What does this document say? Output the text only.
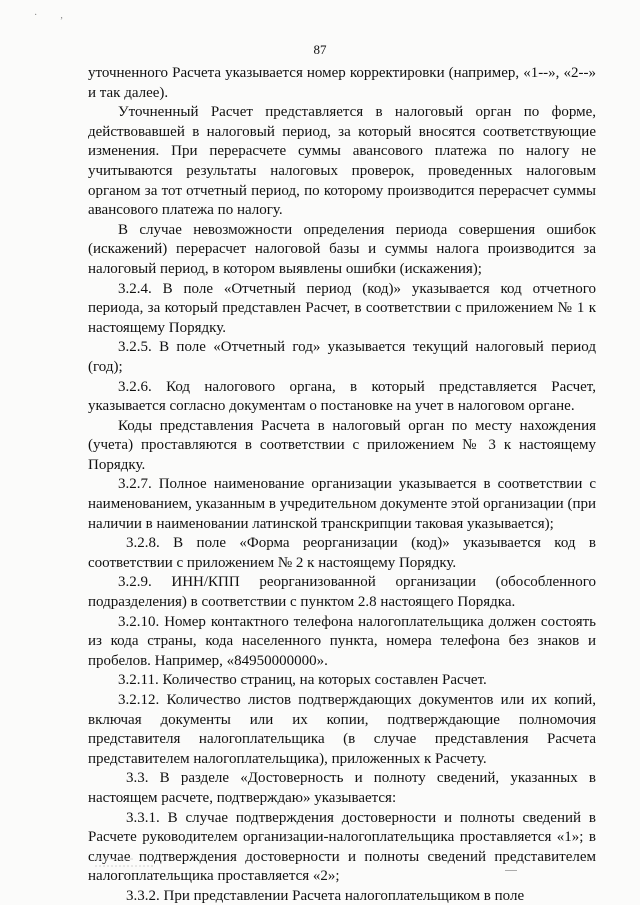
·         ‚
87

уточненного Расчета указывается номер корректировки (например, «1--», «2--» и так далее).

Уточненный Расчет представляется в налоговый орган по форме, действовавшей в налоговый период, за который вносятся соответствующие изменения. При перерасчете суммы авансового платежа по налогу не учитываются результаты налоговых проверок, проведенных налоговым органом за тот отчетный период, по которому производится перерасчет суммы авансового платежа по налогу.

В случае невозможности определения периода совершения ошибок (искажений) перерасчет налоговой базы и суммы налога производится за налоговый период, в котором выявлены ошибки (искажения);

3.2.4. В поле «Отчетный период (код)» указывается код отчетного периода, за который представлен Расчет, в соответствии с приложением № 1 к настоящему Порядку.

3.2.5. В поле «Отчетный год» указывается текущий налоговый период (год);

3.2.6. Код налогового органа, в который представляется Расчет, указывается согласно документам о постановке на учет в налоговом органе.

Коды представления Расчета в налоговый орган по месту нахождения (учета) проставляются в соответствии с приложением № 3 к настоящему Порядку.

3.2.7. Полное наименование организации указывается в соответствии с наименованием, указанным в учредительном документе этой организации (при наличии в наименовании латинской транскрипции таковая указывается);

3.2.8. В поле «Форма реорганизации (код)» указывается код в соответствии с приложением № 2 к настоящему Порядку.

3.2.9. ИНН/КПП реорганизованной организации (обособленного подразделения) в соответствии с пунктом 2.8 настоящего Порядка.

3.2.10. Номер контактного телефона налогоплательщика должен состоять из кода страны, кода населенного пункта, номера телефона без знаков и пробелов. Например, «84950000000».

3.2.11. Количество страниц, на которых составлен Расчет.

3.2.12. Количество листов подтверждающих документов или их копий, включая документы или их копии, подтверждающие полномочия представителя налогоплательщика (в случае представления Расчета представителем налогоплательщика), приложенных к Расчету.

3.3. В разделе «Достоверность и полноту сведений, указанных в настоящем расчете, подтверждаю» указывается:

3.3.1. В случае подтверждения достоверности и полноты сведений в Расчете руководителем организации-налогоплательщика проставляется «1»; в случае подтверждения достоверности и полноты сведений представителем налогоплательщика проставляется «2»;

3.3.2. При представлении Расчета налогоплательщиком в поле
